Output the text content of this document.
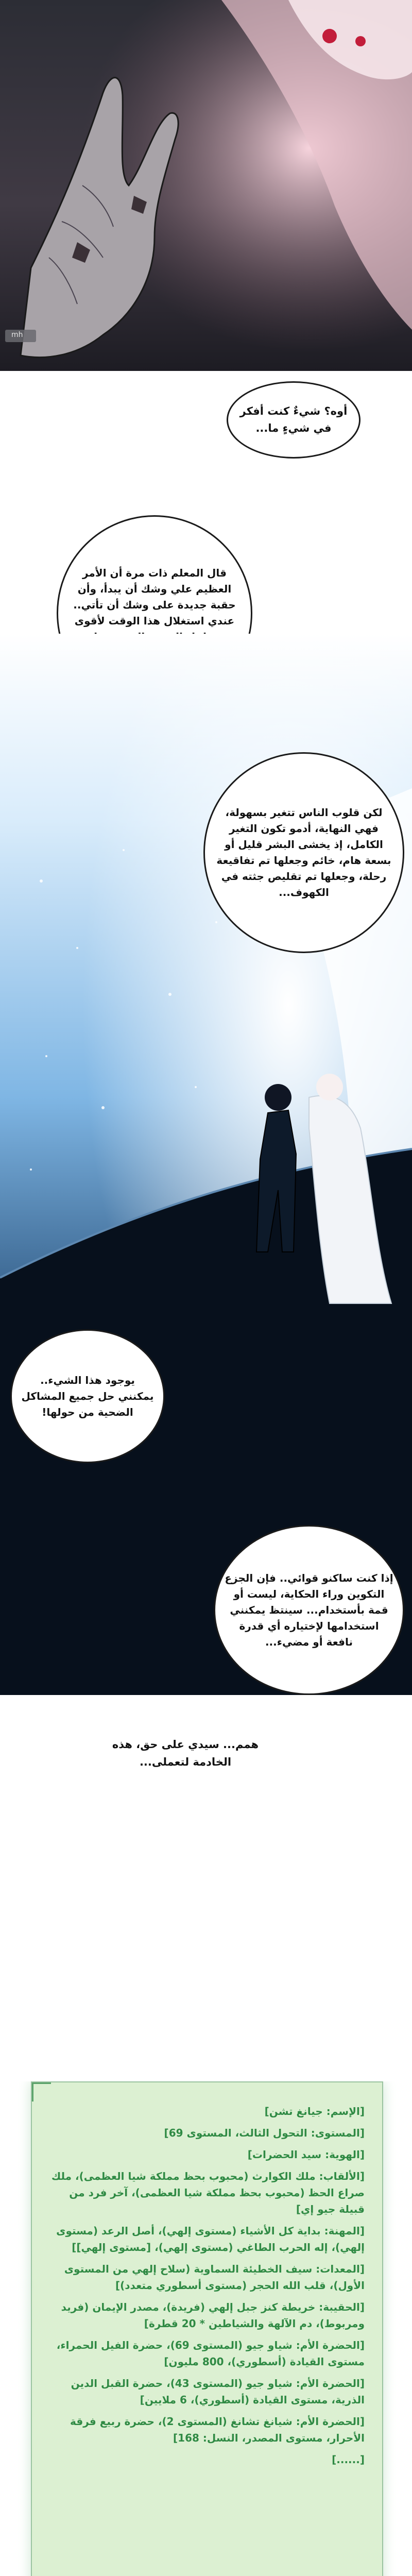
mh
أوه؟ شيءٌ كنت أفكر في شيءٍ ما...
قال المعلم ذات مرة أن الأمر العظيم علي وشك أن يبدأ، وأن حقبة جديدة على وشك أن تأتي.. عندي استغلال هذا الوقت لأقوى
لكن قلوب الناس تتغير بسهولة، فهي النهاية، أدمو تكون التغير الكامل، إذ يخشى البشر قليل أو بسعة هام، خائم وجعلها تم تفاقيعة رحلة، وجعلها تم تقليص جثته في الكهوف...
يوجود هذا الشيء.. يمكنني حل جميع المشاكل الضحية من حولها!
إذا كنت ساكنو قوائي.. فإن الجزع التكوين وراء الحكاية، ليست أو قمة بأستخدام... سينتظ يمكنني استخدامها لإختياره أي قدرة نافعة أو مضيء...
همم... سيدي على حق، هذه الخادمة لتعملى...
[الإسم: جيانغ تشن]
[المستوى: التحول الثالث، المستوى 69]
[الهوية: سيد الحضرات]
[الألقاب: ملك الكوارث (محبوب بحظ مملكة شيا العظمى)، ملك صراع الحظ (محبوب بحظ مملكة شيا العظمى)، آخر فرد من قبيلة جيو إي]
[المهنة: بداية كل الأشياء (مستوى إلهي)، أصل الرعد (مستوى إلهي)، إله الحرب الطاغي (مستوى إلهي)، [مستوى إلهي]]
[المعدات: سيف الخطيئة السماوية (سلاح إلهي من المستوى الأول)، قلب الله الحجر (مستوى أسطوري متعدد)]
[الحقيبة: خريطة كنز جبل إلهي (فريدة)، مصدر الإيمان (فريد ومربوط)، دم الآلهة والشياطين * 20 قطرة]
[الحضرة الأم: شياو جيو (المستوى 69)، حضرة الفيل الحمراء، مستوى القيادة (أسطوري)، 800 مليون]
[الحضرة الأم: شياو جيو (المستوى 43)، حضرة القبل الدين الذرية، مستوى القيادة (أسطوري)، 6 ملايين]
[الحضرة الأم: شيانغ تشانغ (المستوى 2)، حضرة ربيع فرقة الأحرار، مستوى المصدر، النسل: 168]
[......]
